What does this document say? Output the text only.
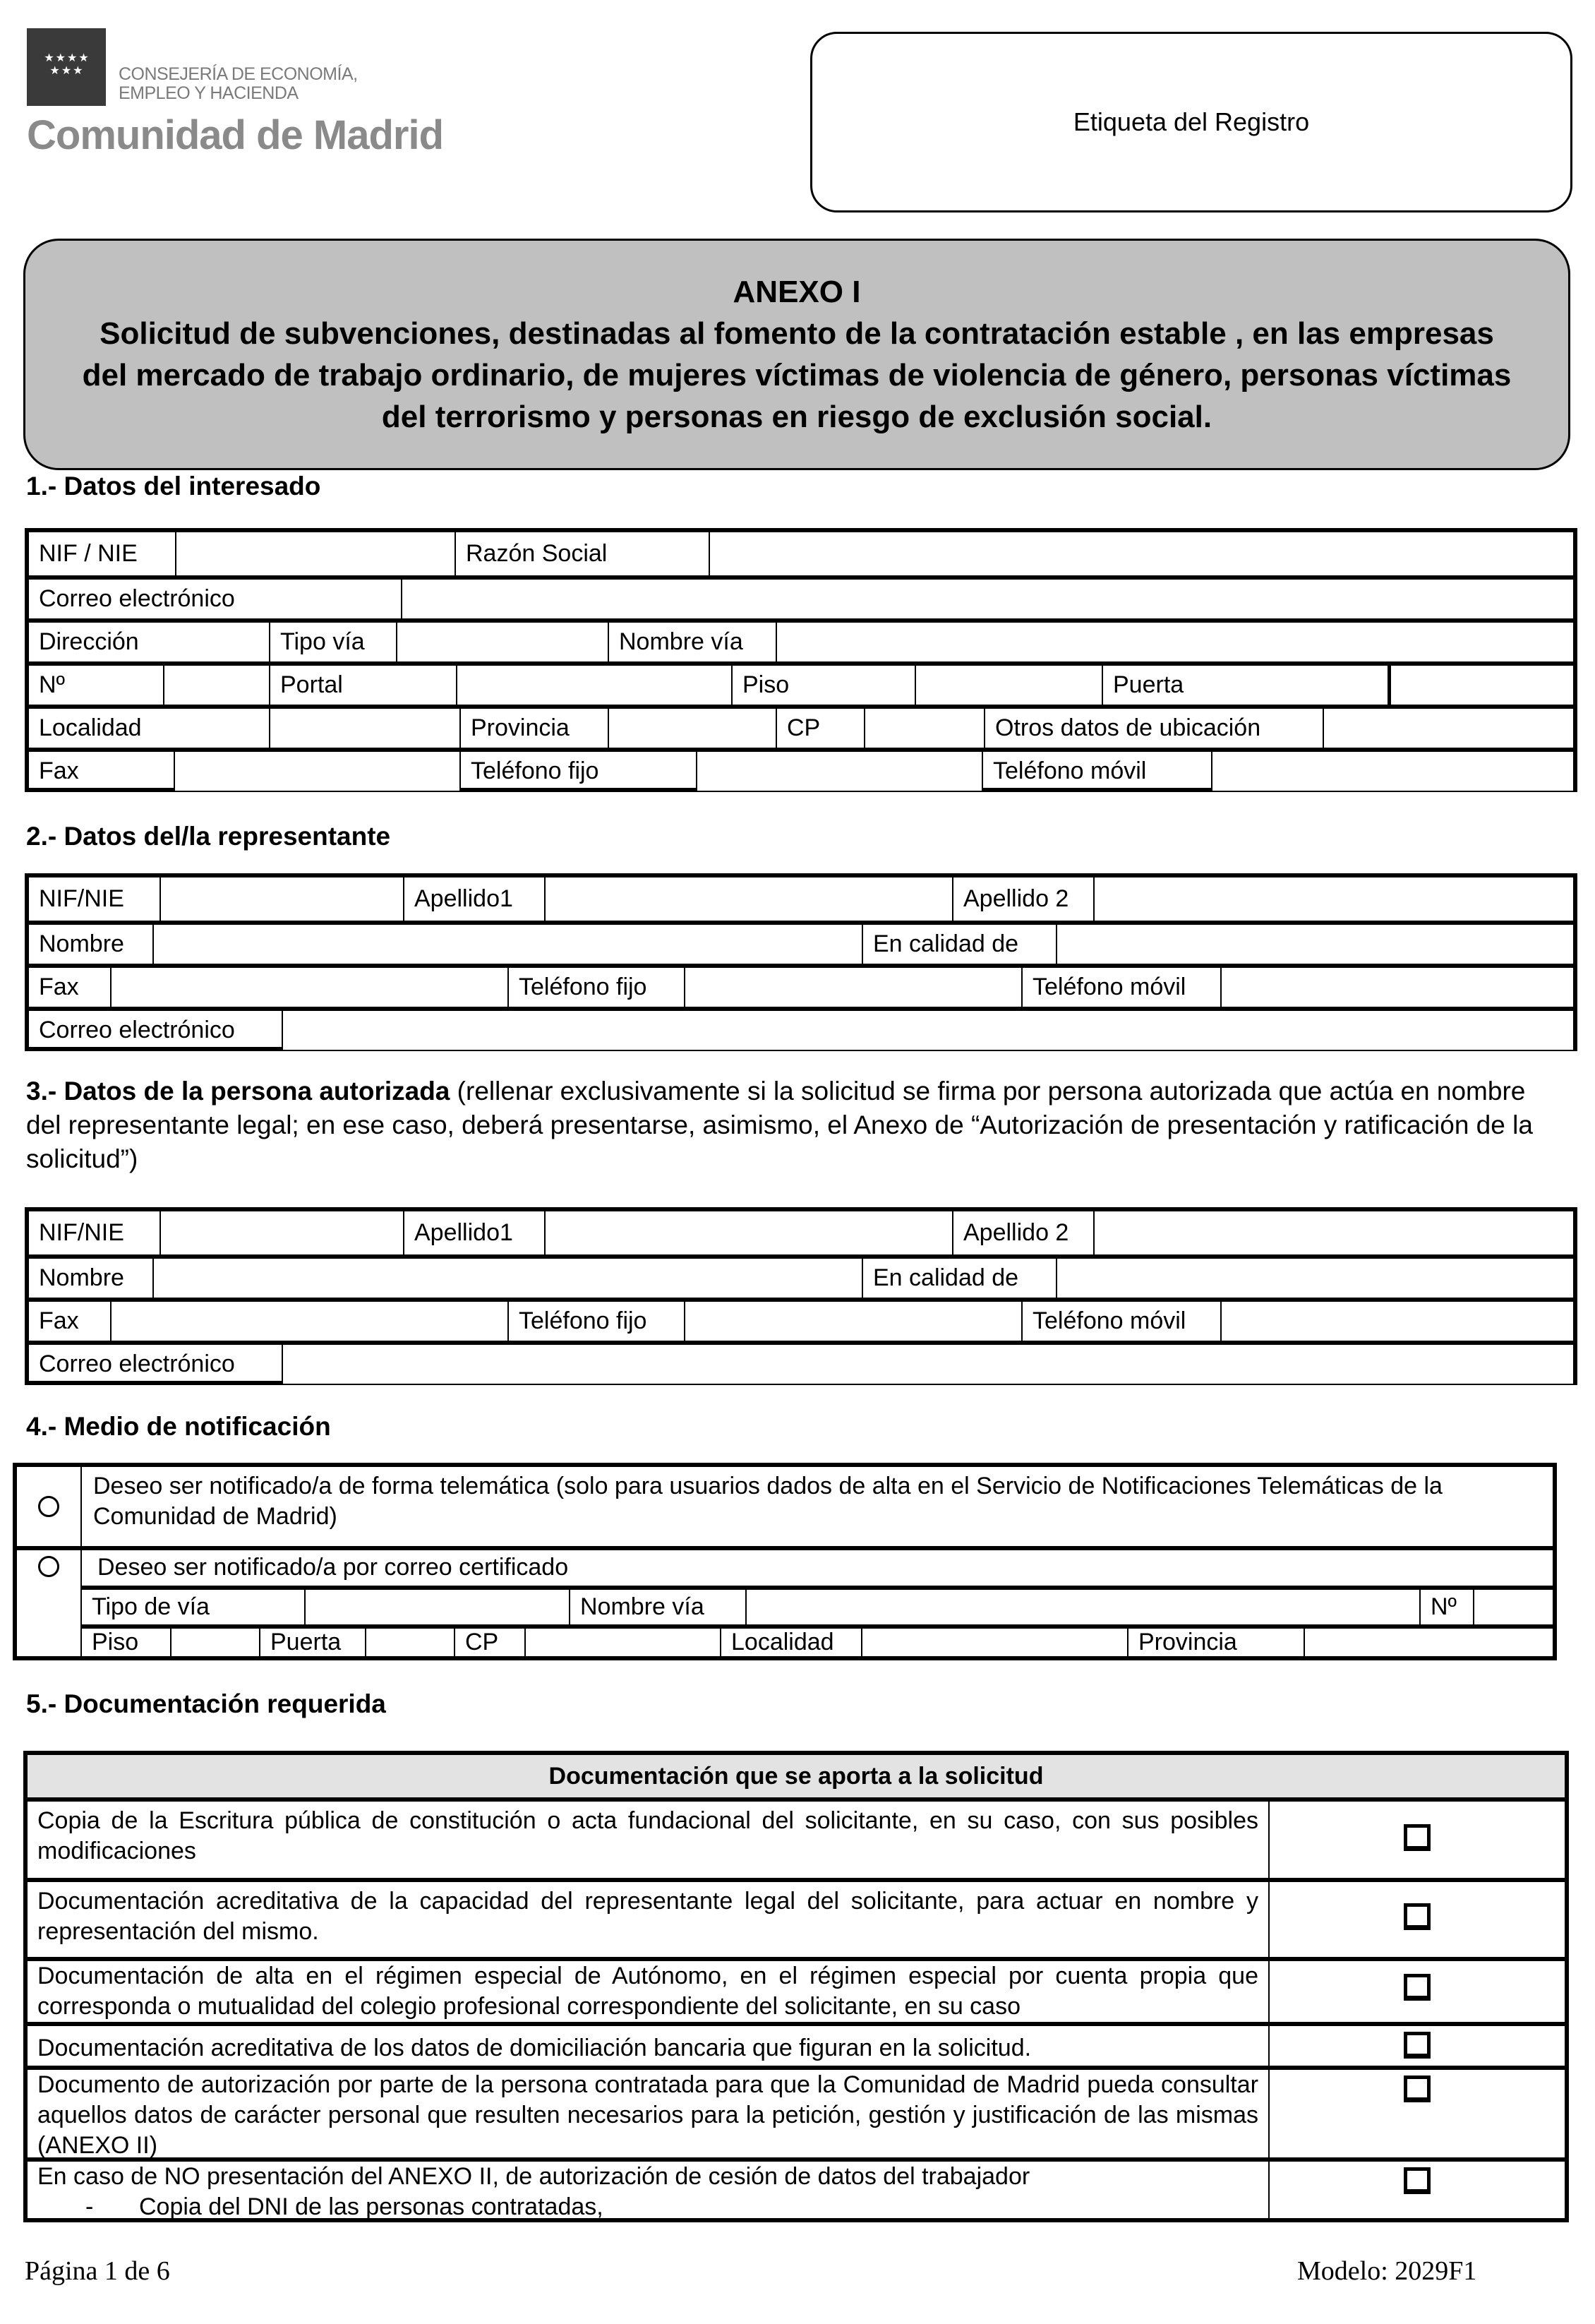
★★★★ ★★★	CONSEJERÍA DE ECONOMÍA,
EMPLEO Y HACIENDA
Comunidad de Madrid	Etiqueta del Registro
ANEXO I
Solicitud de subvenciones, destinadas al fomento de la contratación estable , en las empresas del mercado de trabajo ordinario, de mujeres víctimas de violencia de género, personas víctimas del terrorismo y personas en riesgo de exclusión social.
1.- Datos del interesado
NIF / NIE	Razón Social
Correo electrónico
Dirección	Tipo vía	Nombre vía
Nº	Portal	Piso	Puerta
Localidad	Provincia	CP	Otros datos de ubicación
Fax	Teléfono fijo	Teléfono móvil
2.- Datos del/la representante
NIF/NIE	Apellido1	Apellido 2
Nombre	En calidad de
Fax	Teléfono fijo	Teléfono móvil
Correo electrónico
3.- Datos de la persona autorizada (rellenar exclusivamente si la solicitud se firma por persona autorizada que actúa en nombre del representante legal; en ese caso, deberá presentarse, asimismo, el Anexo de “Autorización de presentación y ratificación de la solicitud”)
NIF/NIE	Apellido1	Apellido 2
Nombre	En calidad de
Fax	Teléfono fijo	Teléfono móvil
Correo electrónico
4.- Medio de notificación
Deseo ser notificado/a de forma telemática (solo para usuarios dados de alta en el Servicio de Notificaciones Telemáticas de la Comunidad de Madrid)
Deseo ser notificado/a por correo certificado
Tipo de vía	Nombre vía	Nº
Piso	Puerta	CP	Localidad	Provincia
5.- Documentación requerida
Documentación que se aporta a la solicitud
Copia de la Escritura pública de constitución o acta fundacional del solicitante, en su caso, con sus posibles modificaciones
Documentación acreditativa de la capacidad del representante legal del solicitante, para actuar en nombre y representación del mismo.
Documentación de alta en el régimen especial de Autónomo, en el régimen especial por cuenta propia que corresponda o mutualidad del colegio profesional correspondiente del solicitante, en su caso
Documentación acreditativa de los datos de domiciliación bancaria que figuran en la solicitud.
Documento de autorización por parte de la persona contratada para que la Comunidad de Madrid pueda consultar aquellos datos de carácter personal que resulten necesarios para la petición, gestión y justificación de las mismas (ANEXO II)
En caso de NO presentación del ANEXO II, de autorización de cesión de datos del trabajador
-	Copia del DNI de las personas contratadas,
Página 1 de 6	Modelo: 2029F1
